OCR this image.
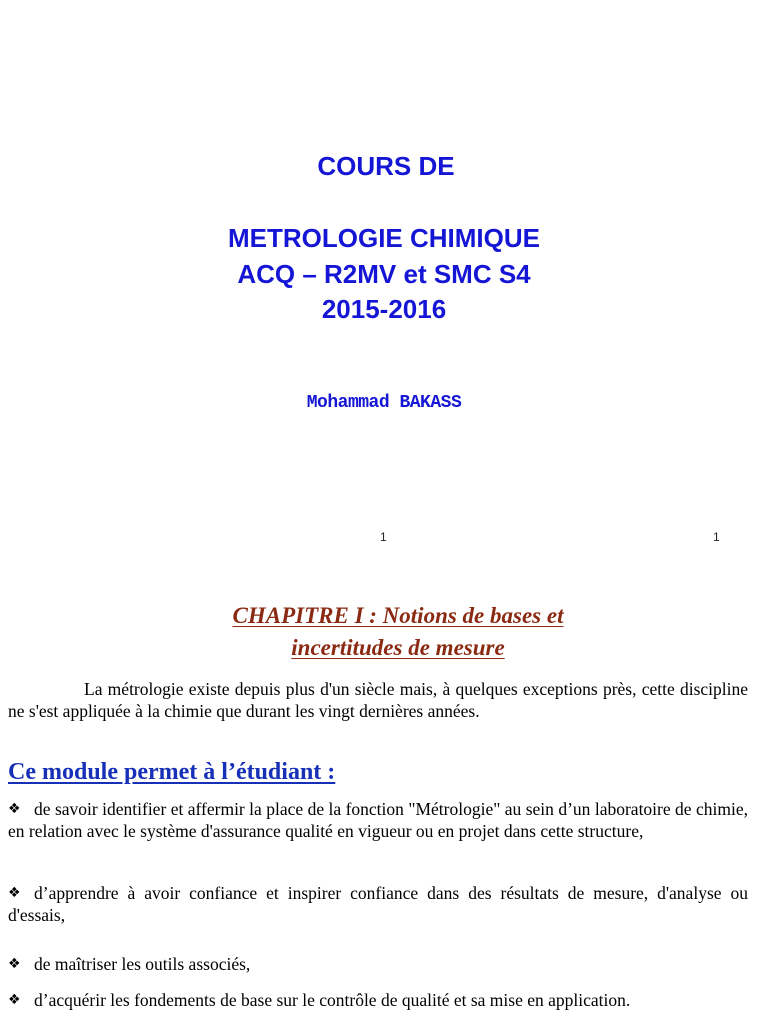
COURS DE
METROLOGIE CHIMIQUE
ACQ – R2MV et SMC S4
2015-2016
Mohammad BAKASS
1	1
CHAPITRE I : Notions de bases et
incertitudes de mesure
La métrologie existe depuis plus d'un siècle mais, à quelques exceptions près, cette discipline ne s'est appliquée à la chimie que durant les vingt dernières années.
Ce module permet à l’étudiant :
❖ de savoir identifier et affermir la place de la fonction "Métrologie" au sein d’un laboratoire de chimie, en relation avec le système d'assurance qualité en vigueur ou en projet dans cette structure,
❖ d’apprendre à avoir confiance et inspirer confiance dans des résultats de mesure, d'analyse ou d'essais,
❖ de maîtriser les outils associés,
❖ d’acquérir les fondements de base sur le contrôle de qualité et sa mise en application.
